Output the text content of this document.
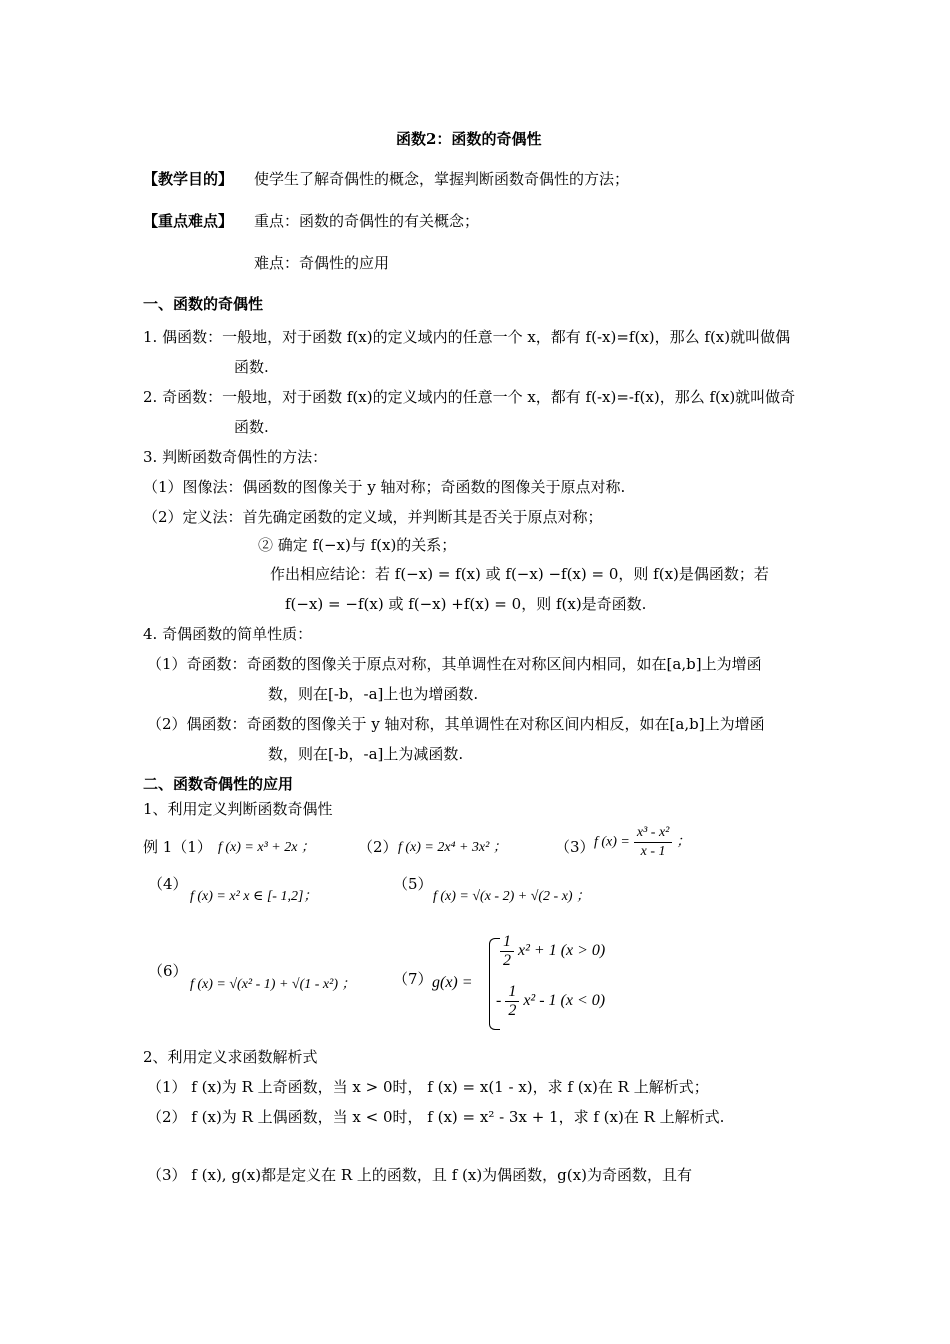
函数2：函数的奇偶性
【教学目的】 使学生了解奇偶性的概念，掌握判断函数奇偶性的方法；
【重点难点】 重点：函数的奇偶性的有关概念；
难点：奇偶性的应用
一、函数的奇偶性
1. 偶函数：一般地，对于函数 f(x)的定义域内的任意一个 x，都有 f(-x)=f(x)，那么 f(x)就叫做偶
函数.
2. 奇函数：一般地，对于函数 f(x)的定义域内的任意一个 x，都有 f(-x)=-f(x)，那么 f(x)就叫做奇
函数.
3. 判断函数奇偶性的方法：
（1）图像法：偶函数的图像关于 y 轴对称；奇函数的图像关于原点对称.
（2）定义法：首先确定函数的定义域，并判断其是否关于原点对称；
② 确定 f(−x)与 f(x)的关系；
作出相应结论：若 f(−x) = f(x) 或 f(−x) −f(x) = 0，则 f(x)是偶函数；若
f(−x) = −f(x) 或 f(−x) +f(x) = 0，则 f(x)是奇函数.
4. 奇偶函数的简单性质：
（1）奇函数：奇函数的图像关于原点对称，其单调性在对称区间内相同，如在[a,b]上为增函
数，则在[-b，-a]上也为增函数.
（2）偶函数：奇函数的图像关于 y 轴对称，其单调性在对称区间内相反，如在[a,b]上为增函
数，则在[-b，-a]上为减函数.
二、函数奇偶性的应用
1、利用定义判断函数奇偶性
例 1（1） f (x) = x³ + 2x ；	（2） f (x) = 2x⁴ + 3x² ；	（3） f $(x) = \frac{\text{x³ - x²}}{x - 1}$ ；
（4）
f (x) = x² x ∈ [- 1,2]；
（5）
f (x) = √(x - 2) + √(2 - x) ；
（6）
f (x) = √(x² - 1) + √(1 - x²) ；	（7） g(x) =
$\frac{1}{2} x^2 + 1$ (x > 0)
- $\frac{1}{2} x^2 - 1$ (x < 0)
2、利用定义求函数解析式
（1） f (x)为 R 上奇函数，当 x > 0时， f (x) = x(1 - x)，求 f (x)在 R 上解析式；
（2） f (x)为 R 上偶函数，当 x < 0时， f (x) = x² - 3x + 1，求 f (x)在 R 上解析式.
（3） f (x), g(x)都是定义在 R 上的函数，且 f (x)为偶函数，g(x)为奇函数，且有
